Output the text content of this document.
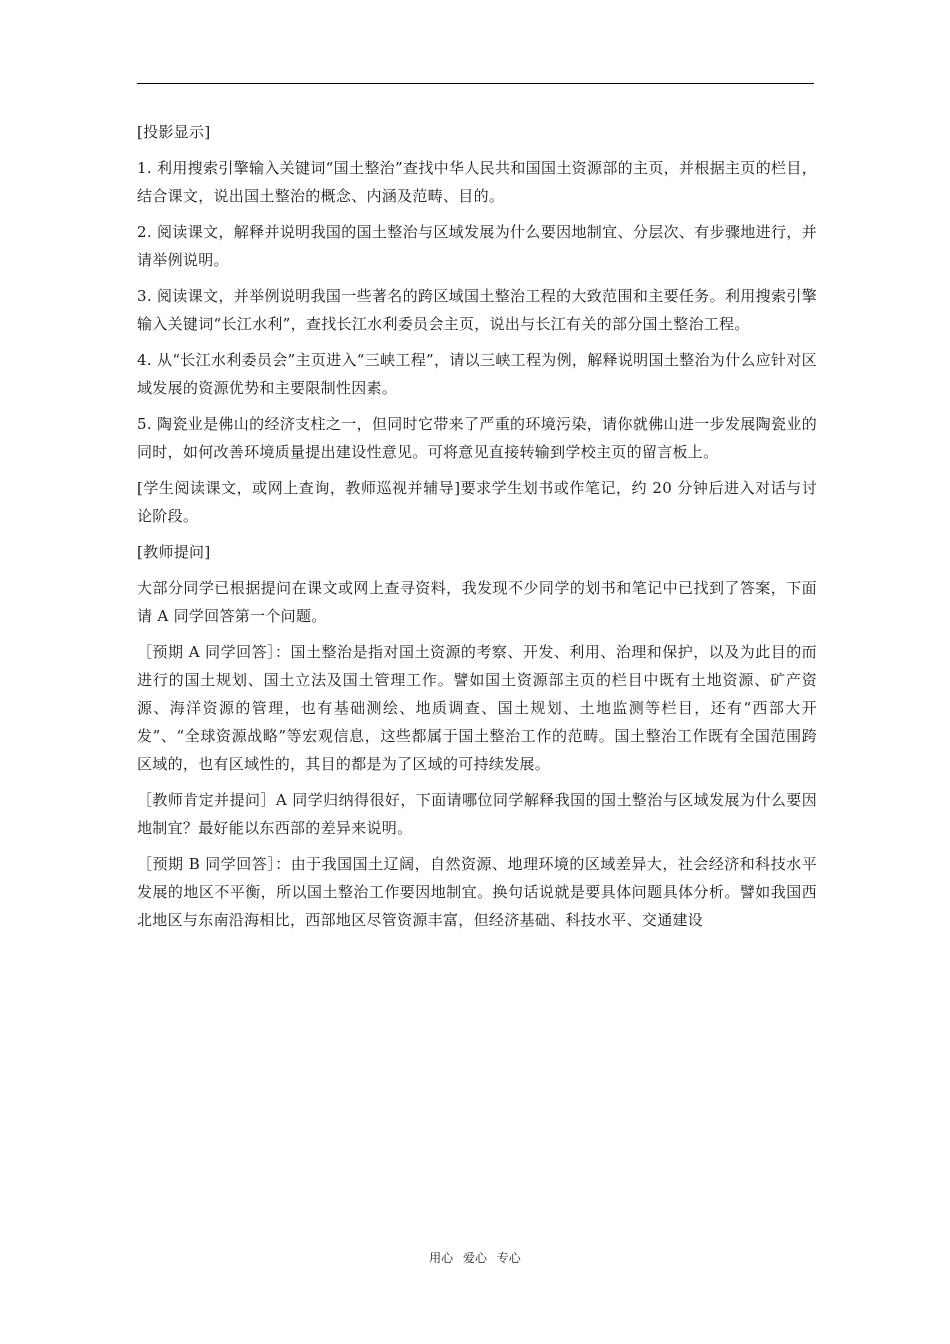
[投影显示]

1. 利用搜索引擎输入关键词“国土整治”查找中华人民共和国国土资源部的主页，并根据主页的栏目，结合课文，说出国土整治的概念、内涵及范畴、目的。

2. 阅读课文，解释并说明我国的国土整治与区域发展为什么要因地制宜、分层次、有步骤地进行，并请举例说明。

3. 阅读课文，并举例说明我国一些著名的跨区域国土整治工程的大致范围和主要任务。利用搜索引擎输入关键词“长江水利”，查找长江水利委员会主页，说出与长江有关的部分国土整治工程。

4. 从“长江水利委员会”主页进入“三峡工程”，请以三峡工程为例，解释说明国土整治为什么应针对区域发展的资源优势和主要限制性因素。

5. 陶瓷业是佛山的经济支柱之一，但同时它带来了严重的环境污染，请你就佛山进一步发展陶瓷业的同时，如何改善环境质量提出建设性意见。可将意见直接转输到学校主页的留言板上。

[学生阅读课文，或网上查询，教师巡视并辅导]要求学生划书或作笔记，约 20 分钟后进入对话与讨论阶段。

[教师提问]

大部分同学已根据提问在课文或网上查寻资料，我发现不少同学的划书和笔记中已找到了答案，下面请 A 同学回答第一个问题。

［预期 A 同学回答］：国土整治是指对国土资源的考察、开发、利用、治理和保护，以及为此目的而进行的国土规划、国土立法及国土管理工作。譬如国土资源部主页的栏目中既有土地资源、矿产资源、海洋资源的管理，也有基础测绘、地质调查、国土规划、土地监测等栏目，还有“西部大开发”、“全球资源战略”等宏观信息，这些都属于国土整治工作的范畴。国土整治工作既有全国范围跨区域的，也有区域性的，其目的都是为了区域的可持续发展。

［教师肯定并提问］A 同学归纳得很好，下面请哪位同学解释我国的国土整治与区域发展为什么要因地制宜？最好能以东西部的差异来说明。

［预期 B 同学回答］：由于我国国土辽阔，自然资源、地理环境的区域差异大，社会经济和科技水平发展的地区不平衡，所以国土整治工作要因地制宜。换句话说就是要具体问题具体分析。譬如我国西北地区与东南沿海相比，西部地区尽管资源丰富，但经济基础、科技水平、交通建设

用心 爱心 专心
